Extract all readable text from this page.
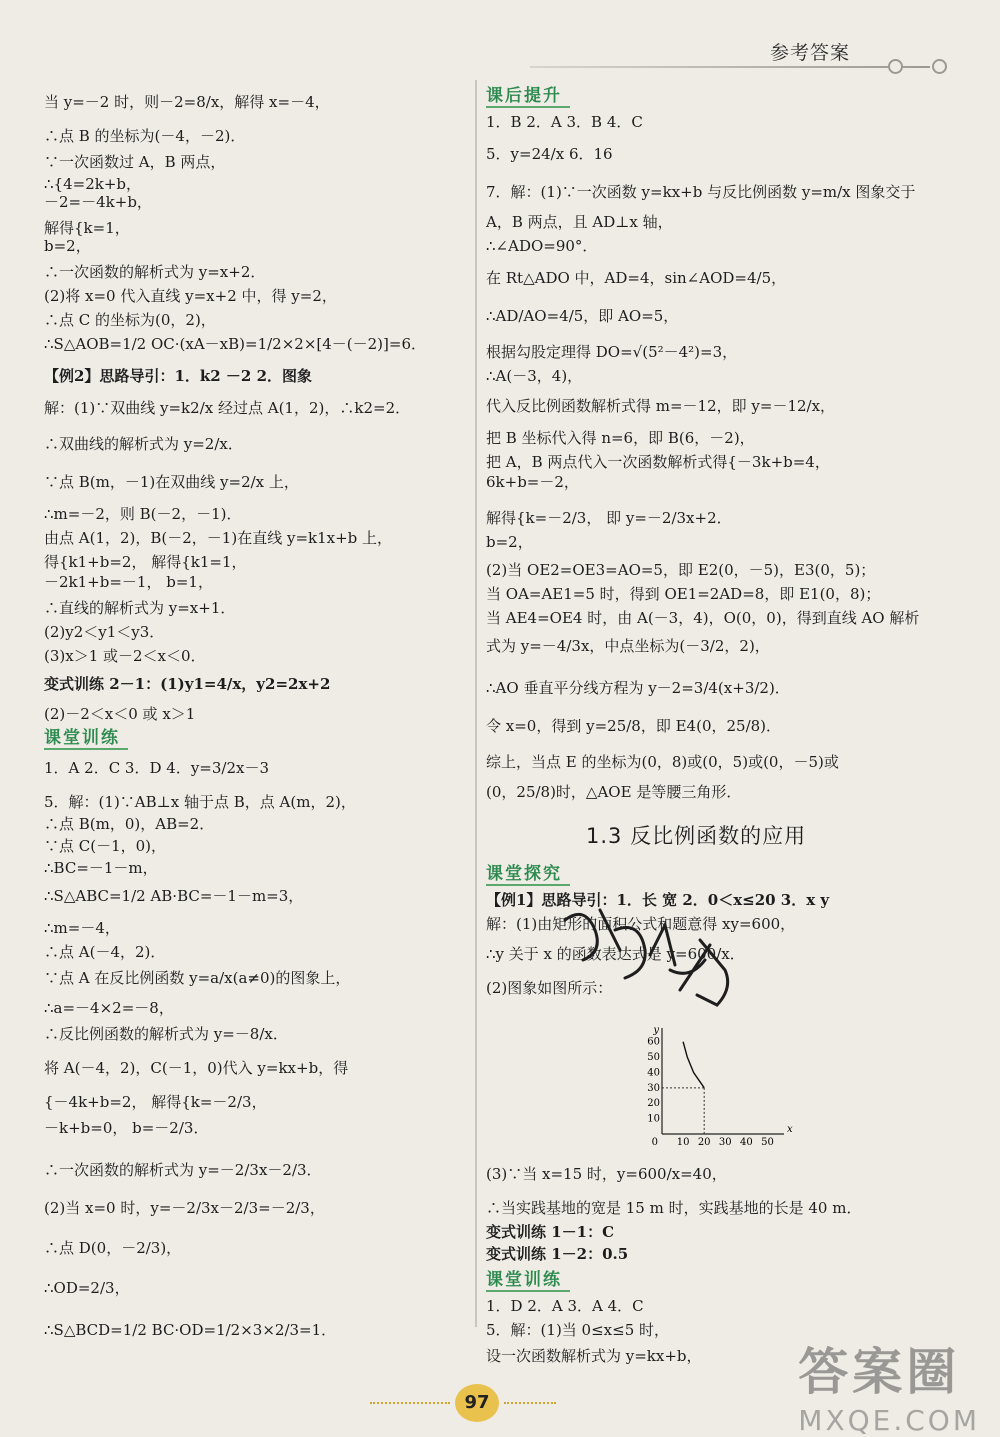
参考答案
当 y=－2 时，则－2=8/x，解得 x=－4，
∴点 B 的坐标为(－4，－2)．
∵一次函数过 A，B 两点，
∴{4=2k+b，
－2=－4k+b，
解得{k=1，
b=2，
∴一次函数的解析式为 y=x+2．
(2)将 x=0 代入直线 y=x+2 中，得 y=2，
∴点 C 的坐标为(0，2)，
∴S△AOB=1/2 OC·(xA－xB)=1/2×2×[4－(－2)]=6．
【例2】思路导引：1．k2 －2 2．图象
解：(1)∵双曲线 y=k2/x 经过点 A(1，2)，∴k2=2．
∴双曲线的解析式为 y=2/x．
∵点 B(m，－1)在双曲线 y=2/x 上，
∴m=－2，则 B(－2，－1)．
由点 A(1，2)，B(－2，－1)在直线 y=k1x+b 上，
得{k1+b=2， 解得{k1=1，
－2k1+b=－1， b=1，
∴直线的解析式为 y=x+1．
(2)y2＜y1＜y3．
(3)x＞1 或－2＜x＜0．
变式训练 2－1：(1)y1=4/x，y2=2x+2
(2)－2＜x＜0 或 x＞1
课堂训练
1．A 2．C 3．D 4．y=3/2x－3
5．解：(1)∵AB⊥x 轴于点 B，点 A(m，2)，
∴点 B(m，0)，AB=2．
∵点 C(－1，0)，
∴BC=－1－m，
∴S△ABC=1/2 AB·BC=－1－m=3，
∴m=－4，
∴点 A(－4，2)．
∵点 A 在反比例函数 y=a/x(a≠0)的图象上，
∴a=－4×2=－8，
∴反比例函数的解析式为 y=－8/x．
将 A(－4，2)，C(－1，0)代入 y=kx+b，得
{－4k+b=2， 解得{k=－2/3，
－k+b=0， b=－2/3．
∴一次函数的解析式为 y=－2/3x－2/3．
(2)当 x=0 时，y=－2/3x－2/3=－2/3，
∴点 D(0，－2/3)，
∴OD=2/3，
∴S△BCD=1/2 BC·OD=1/2×3×2/3=1．
课后提升
1．B 2．A 3．B 4．C
5．y=24/x 6．16
7．解：(1)∵一次函数 y=kx+b 与反比例函数 y=m/x 图象交于
A，B 两点，且 AD⊥x 轴，
∴∠ADO=90°．
在 Rt△ADO 中，AD=4，sin∠AOD=4/5，
∴AD/AO=4/5，即 AO=5，
根据勾股定理得 DO=√(5²－4²)=3，
∴A(－3，4)，
代入反比例函数解析式得 m=－12，即 y=－12/x，
把 B 坐标代入得 n=6，即 B(6，－2)，
把 A，B 两点代入一次函数解析式得{－3k+b=4，
6k+b=－2，
解得{k=－2/3， 即 y=－2/3x+2．
b=2，
(2)当 OE2=OE3=AO=5，即 E2(0，－5)，E3(0，5)；
当 OA=AE1=5 时，得到 OE1=2AD=8，即 E1(0，8)；
当 AE4=OE4 时，由 A(－3，4)，O(0，0)，得到直线 AO 解析
式为 y=－4/3x，中点坐标为(－3/2，2)，
∴AO 垂直平分线方程为 y－2=3/4(x+3/2)．
令 x=0，得到 y=25/8，即 E4(0，25/8)．
综上，当点 E 的坐标为(0，8)或(0，5)或(0，－5)或
(0，25/8)时，△AOE 是等腰三角形．
1.3 反比例函数的应用
课堂探究
【例1】思路导引：1．长 宽 2．0＜x≤20 3．x y
解：(1)由矩形的面积公式和题意得 xy=600，
∴y 关于 x 的函数表达式是 y=600/x．
(2)图象如图所示：
(3)∵当 x=15 时，y=600/x=40，
∴当实践基地的宽是 15 m 时，实践基地的长是 40 m．
变式训练 1－1：C
变式训练 1－2：0.5
课堂训练
1．D 2．A 3．A 4．C
5．解：(1)当 0≤x≤5 时，
设一次函数解析式为 y=kx+b，
y
x
0
10
20
30
40
50
60
10 20 30 40 50
97
答案圈
MXQE.COM
